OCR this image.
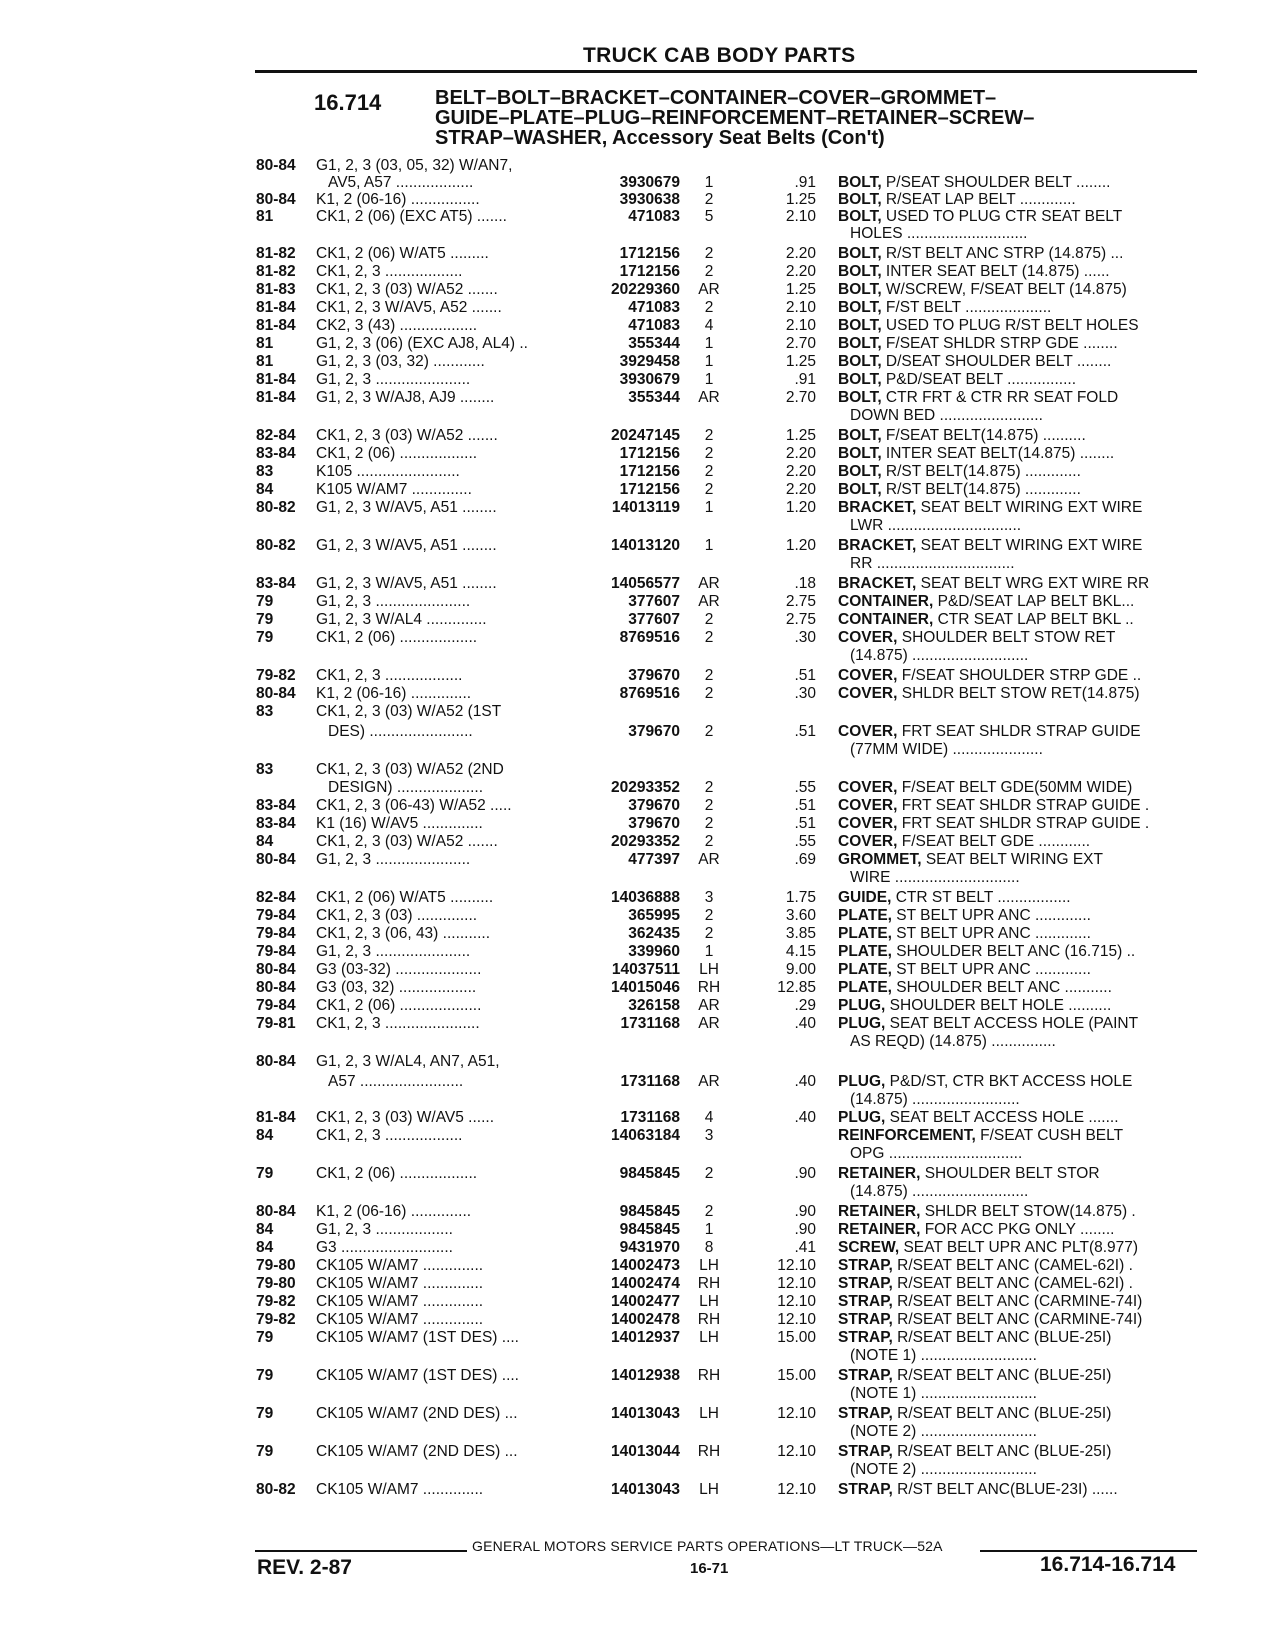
TRUCK CAB BODY PARTS
16.714	BELT–BOLT–BRACKET–CONTAINER–COVER–GROMMET–
GUIDE–PLATE–PLUG–REINFORCEMENT–RETAINER–SCREW–
STRAP–WASHER, Accessory Seat Belts (Con't)
80-84 G1, 2, 3 (03, 05, 32) W/AN7,
AV5, A57 ..................	3930679	1	.91 BOLT, P/SEAT SHOULDER BELT ........
80-84 K1, 2 (06-16) ................	3930638	2	1.25 BOLT, R/SEAT LAP BELT .............
81	CK1, 2 (06) (EXC AT5) .......	471083	5	2.10 BOLT, USED TO PLUG CTR SEAT BELT
HOLES ............................
81-82 CK1, 2 (06) W/AT5 .........	1712156	2	2.20 BOLT, R/ST BELT ANC STRP (14.875) ...
81-82 CK1, 2, 3 ..................	1712156	2	2.20 BOLT, INTER SEAT BELT (14.875) ......
81-83 CK1, 2, 3 (03) W/A52 .......	20229360	AR	1.25 BOLT, W/SCREW, F/SEAT BELT (14.875)
81-84 CK1, 2, 3 W/AV5, A52 .......	471083	2	2.10 BOLT, F/ST BELT ....................
81-84 CK2, 3 (43) ..................	471083	4	2.10 BOLT, USED TO PLUG R/ST BELT HOLES
81	G1, 2, 3 (06) (EXC AJ8, AL4) ..	355344	1	2.70 BOLT, F/SEAT SHLDR STRP GDE ........
81	G1, 2, 3 (03, 32) ............	3929458	1	1.25 BOLT, D/SEAT SHOULDER BELT ........
81-84 G1, 2, 3 ......................	3930679	1	.91 BOLT, P&D/SEAT BELT ................
81-84 G1, 2, 3 W/AJ8, AJ9 ........	355344	AR	2.70 BOLT, CTR FRT & CTR RR SEAT FOLD
DOWN BED ........................
82-84 CK1, 2, 3 (03) W/A52 .......	20247145	2	1.25 BOLT, F/SEAT BELT(14.875) ..........
83-84 CK1, 2 (06) ..................	1712156	2	2.20 BOLT, INTER SEAT BELT(14.875) ........
83	K105 ........................	1712156	2	2.20 BOLT, R/ST BELT(14.875) .............
84	K105 W/AM7 ..............	1712156	2	2.20 BOLT, R/ST BELT(14.875) .............
80-82 G1, 2, 3 W/AV5, A51 ........	14013119	1	1.20 BRACKET, SEAT BELT WIRING EXT WIRE
LWR ...............................
80-82 G1, 2, 3 W/AV5, A51 ........	14013120	1	1.20 BRACKET, SEAT BELT WIRING EXT WIRE
RR ................................
83-84 G1, 2, 3 W/AV5, A51 ........	14056577	AR	.18 BRACKET, SEAT BELT WRG EXT WIRE RR
79	G1, 2, 3 ......................	377607	AR	2.75 CONTAINER, P&D/SEAT LAP BELT BKL...
79	G1, 2, 3 W/AL4 ..............	377607	2	2.75 CONTAINER, CTR SEAT LAP BELT BKL ..
79	CK1, 2 (06) ..................	8769516	2	.30 COVER, SHOULDER BELT STOW RET
(14.875) ...........................
79-82 CK1, 2, 3 ..................	379670	2	.51 COVER, F/SEAT SHOULDER STRP GDE ..
80-84 K1, 2 (06-16) ..............	8769516	2	.30 COVER, SHLDR BELT STOW RET(14.875)
83	CK1, 2, 3 (03) W/A52 (1ST
DES) ........................	379670	2	.51 COVER, FRT SEAT SHLDR STRAP GUIDE
(77MM WIDE) .....................
83	CK1, 2, 3 (03) W/A52 (2ND
DESIGN) ....................	20293352	2	.55 COVER, F/SEAT BELT GDE(50MM WIDE)
83-84 CK1, 2, 3 (06-43) W/A52 .....	379670	2	.51 COVER, FRT SEAT SHLDR STRAP GUIDE .
83-84 K1 (16) W/AV5 ..............	379670	2	.51 COVER, FRT SEAT SHLDR STRAP GUIDE .
84	CK1, 2, 3 (03) W/A52 .......	20293352	2	.55 COVER, F/SEAT BELT GDE ............
80-84 G1, 2, 3 ......................	477397	AR	.69 GROMMET, SEAT BELT WIRING EXT
WIRE .............................
82-84 CK1, 2 (06) W/AT5 ..........	14036888	3	1.75 GUIDE, CTR ST BELT .................
79-84 CK1, 2, 3 (03) ..............	365995	2	3.60 PLATE, ST BELT UPR ANC .............
79-84 CK1, 2, 3 (06, 43) ...........	362435	2	3.85 PLATE, ST BELT UPR ANC .............
79-84 G1, 2, 3 ......................	339960	1	4.15 PLATE, SHOULDER BELT ANC (16.715) ..
80-84 G3 (03-32) ....................	14037511	LH	9.00 PLATE, ST BELT UPR ANC .............
80-84 G3 (03, 32) ..................	14015046	RH	12.85 PLATE, SHOULDER BELT ANC ...........
79-84 CK1, 2 (06) ...................	326158	AR	.29 PLUG, SHOULDER BELT HOLE ..........
79-81 CK1, 2, 3 ......................	1731168	AR	.40 PLUG, SEAT BELT ACCESS HOLE (PAINT
AS REQD) (14.875) ...............
80-84 G1, 2, 3 W/AL4, AN7, A51,
A57 ........................	1731168	AR	.40 PLUG, P&D/ST, CTR BKT ACCESS HOLE
(14.875) .........................
81-84 CK1, 2, 3 (03) W/AV5 ......	1731168	4	.40 PLUG, SEAT BELT ACCESS HOLE .......
84	CK1, 2, 3 ..................	14063184	3	REINFORCEMENT, F/SEAT CUSH BELT
OPG ...............................
79	CK1, 2 (06) ..................	9845845	2	.90 RETAINER, SHOULDER BELT STOR
(14.875) ...........................
80-84 K1, 2 (06-16) ..............	9845845	2	.90 RETAINER, SHLDR BELT STOW(14.875) .
84	G1, 2, 3 ..................	9845845	1	.90 RETAINER, FOR ACC PKG ONLY ........
84	G3 ..........................	9431970	8	.41 SCREW, SEAT BELT UPR ANC PLT(8.977)
79-80 CK105 W/AM7 ..............	14002473	LH	12.10 STRAP, R/SEAT BELT ANC (CAMEL-62I) .
79-80 CK105 W/AM7 ..............	14002474	RH	12.10 STRAP, R/SEAT BELT ANC (CAMEL-62I) .
79-82 CK105 W/AM7 ..............	14002477	LH	12.10 STRAP, R/SEAT BELT ANC (CARMINE-74I)
79-82 CK105 W/AM7 ..............	14002478	RH	12.10 STRAP, R/SEAT BELT ANC (CARMINE-74I)
79	CK105 W/AM7 (1ST DES) ....	14012937	LH	15.00 STRAP, R/SEAT BELT ANC (BLUE-25I)
(NOTE 1) ...........................
79	CK105 W/AM7 (1ST DES) ....	14012938	RH	15.00 STRAP, R/SEAT BELT ANC (BLUE-25I)
(NOTE 1) ...........................
79	CK105 W/AM7 (2ND DES) ...	14013043	LH	12.10 STRAP, R/SEAT BELT ANC (BLUE-25I)
(NOTE 2) ...........................
79	CK105 W/AM7 (2ND DES) ...	14013044	RH	12.10 STRAP, R/SEAT BELT ANC (BLUE-25I)
(NOTE 2) ...........................
80-82 CK105 W/AM7 ..............	14013043	LH	12.10 STRAP, R/ST BELT ANC(BLUE-23I) ......
GENERAL MOTORS SERVICE PARTS OPERATIONS—LT TRUCK—52A
REV. 2-87	16-71	16.714-16.714
